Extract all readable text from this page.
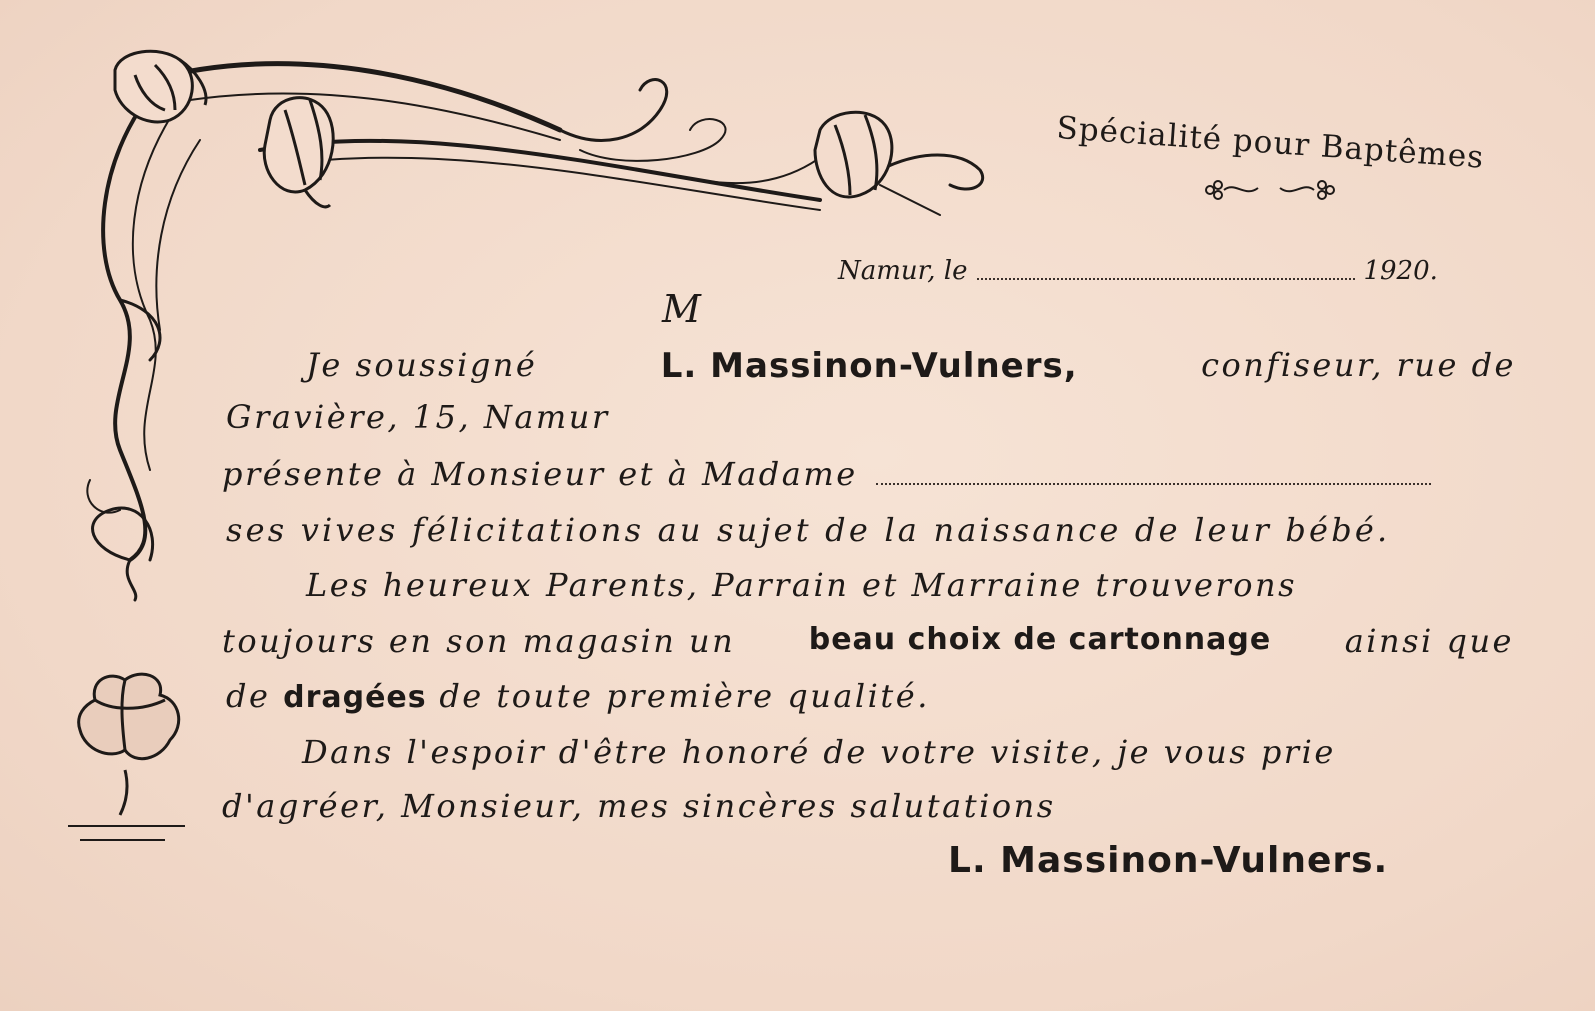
Spécialité pour Baptêmes
Namur, le	1920.
M
Je soussigné	L. Massinon-Vulners,	confiseur, rue de
Gravière, 15, Namur
présente à Monsieur et à Madame
ses vives félicitations au sujet de la naissance de leur bébé.
Les heureux Parents, Parrain et Marraine trouverons
toujours en son magasin un beau choix de cartonnage ainsi que
de dragées de toute première qualité.
Dans l'espoir d'être honoré de votre visite, je vous prie
d'agréer, Monsieur, mes sincères salutations
L. Massinon-Vulners.
